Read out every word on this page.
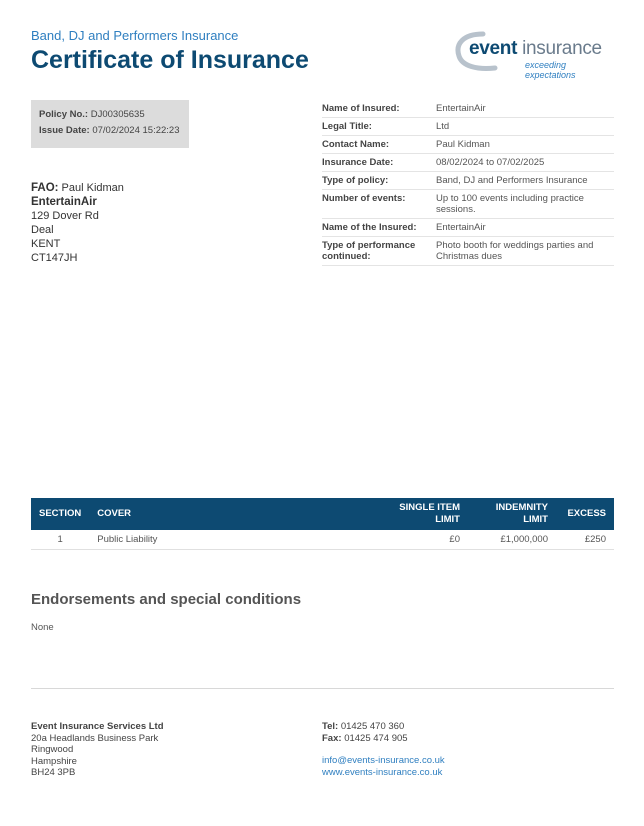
Band, DJ and Performers Insurance
Certificate of Insurance	event insurance
exceeding expectations
Policy No.: DJ00305635
Issue Date: 07/02/2024 15:22:23
FAO: Paul Kidman
EntertainAir
129 Dover Rd
Deal
KENT
CT147JH
Name of Insured:	EntertainAir
Legal Title:	Ltd
Contact Name:	Paul Kidman
Insurance Date:	08/02/2024 to 07/02/2025
Type of policy:	Band, DJ and Performers Insurance
Number of events:	Up to 100 events including practice sessions.
Name of the Insured:	EntertainAir
Type of performance continued:
Photo booth for weddings parties and Christmas dues
SECTION	COVER	SINGLE ITEM LIMIT	INDEMNITY LIMIT	EXCESS
1	Public Liability	£0	£1,000,000	£250
Endorsements and special conditions
None
Event Insurance Services Ltd
20a Headlands Business Park
Ringwood
Hampshire
BH24 3PB
Tel: 01425 470 360
Fax: 01425 474 905
info@events-insurance.co.uk
www.events-insurance.co.uk
